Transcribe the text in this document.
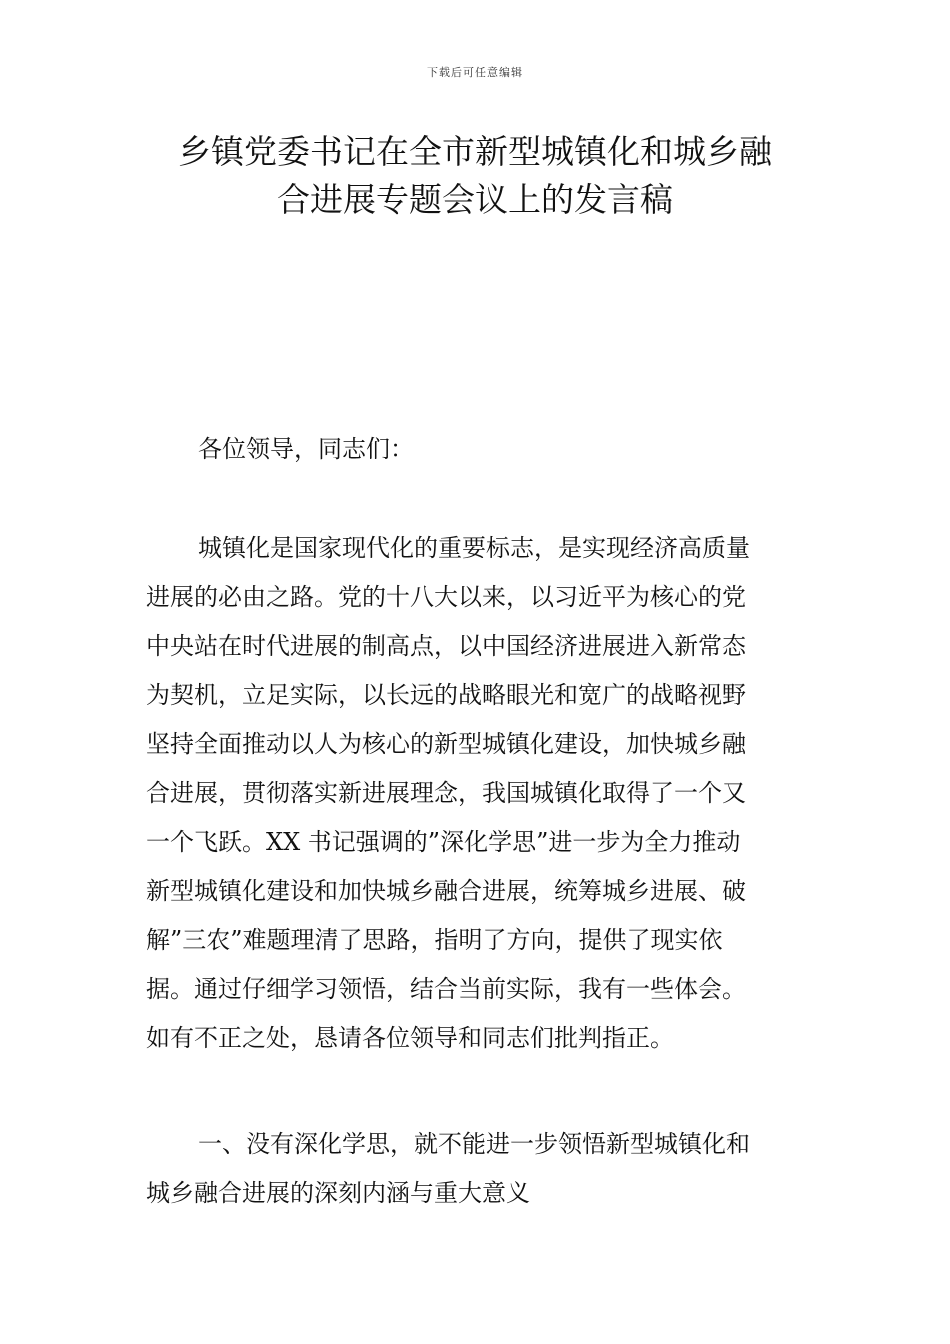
下载后可任意编辑
乡镇党委书记在全市新型城镇化和城乡融
合进展专题会议上的发言稿

各位领导，同志们：

城镇化是国家现代化的重要标志，是实现经济高质量
进展的必由之路。党的十八大以来，以习近平为核心的党
中央站在时代进展的制高点，以中国经济进展进入新常态
为契机，立足实际，以长远的战略眼光和宽广的战略视野
坚持全面推动以人为核心的新型城镇化建设，加快城乡融
合进展，贯彻落实新进展理念，我国城镇化取得了一个又
一个飞跃。XX 书记强调的”深化学思”进一步为全力推动
新型城镇化建设和加快城乡融合进展，统筹城乡进展、破
解”三农”难题理清了思路，指明了方向，提供了现实依
据。通过仔细学习领悟，结合当前实际，我有一些体会。
如有不正之处，恳请各位领导和同志们批判指正。

一、没有深化学思，就不能进一步领悟新型城镇化和
城乡融合进展的深刻内涵与重大意义
